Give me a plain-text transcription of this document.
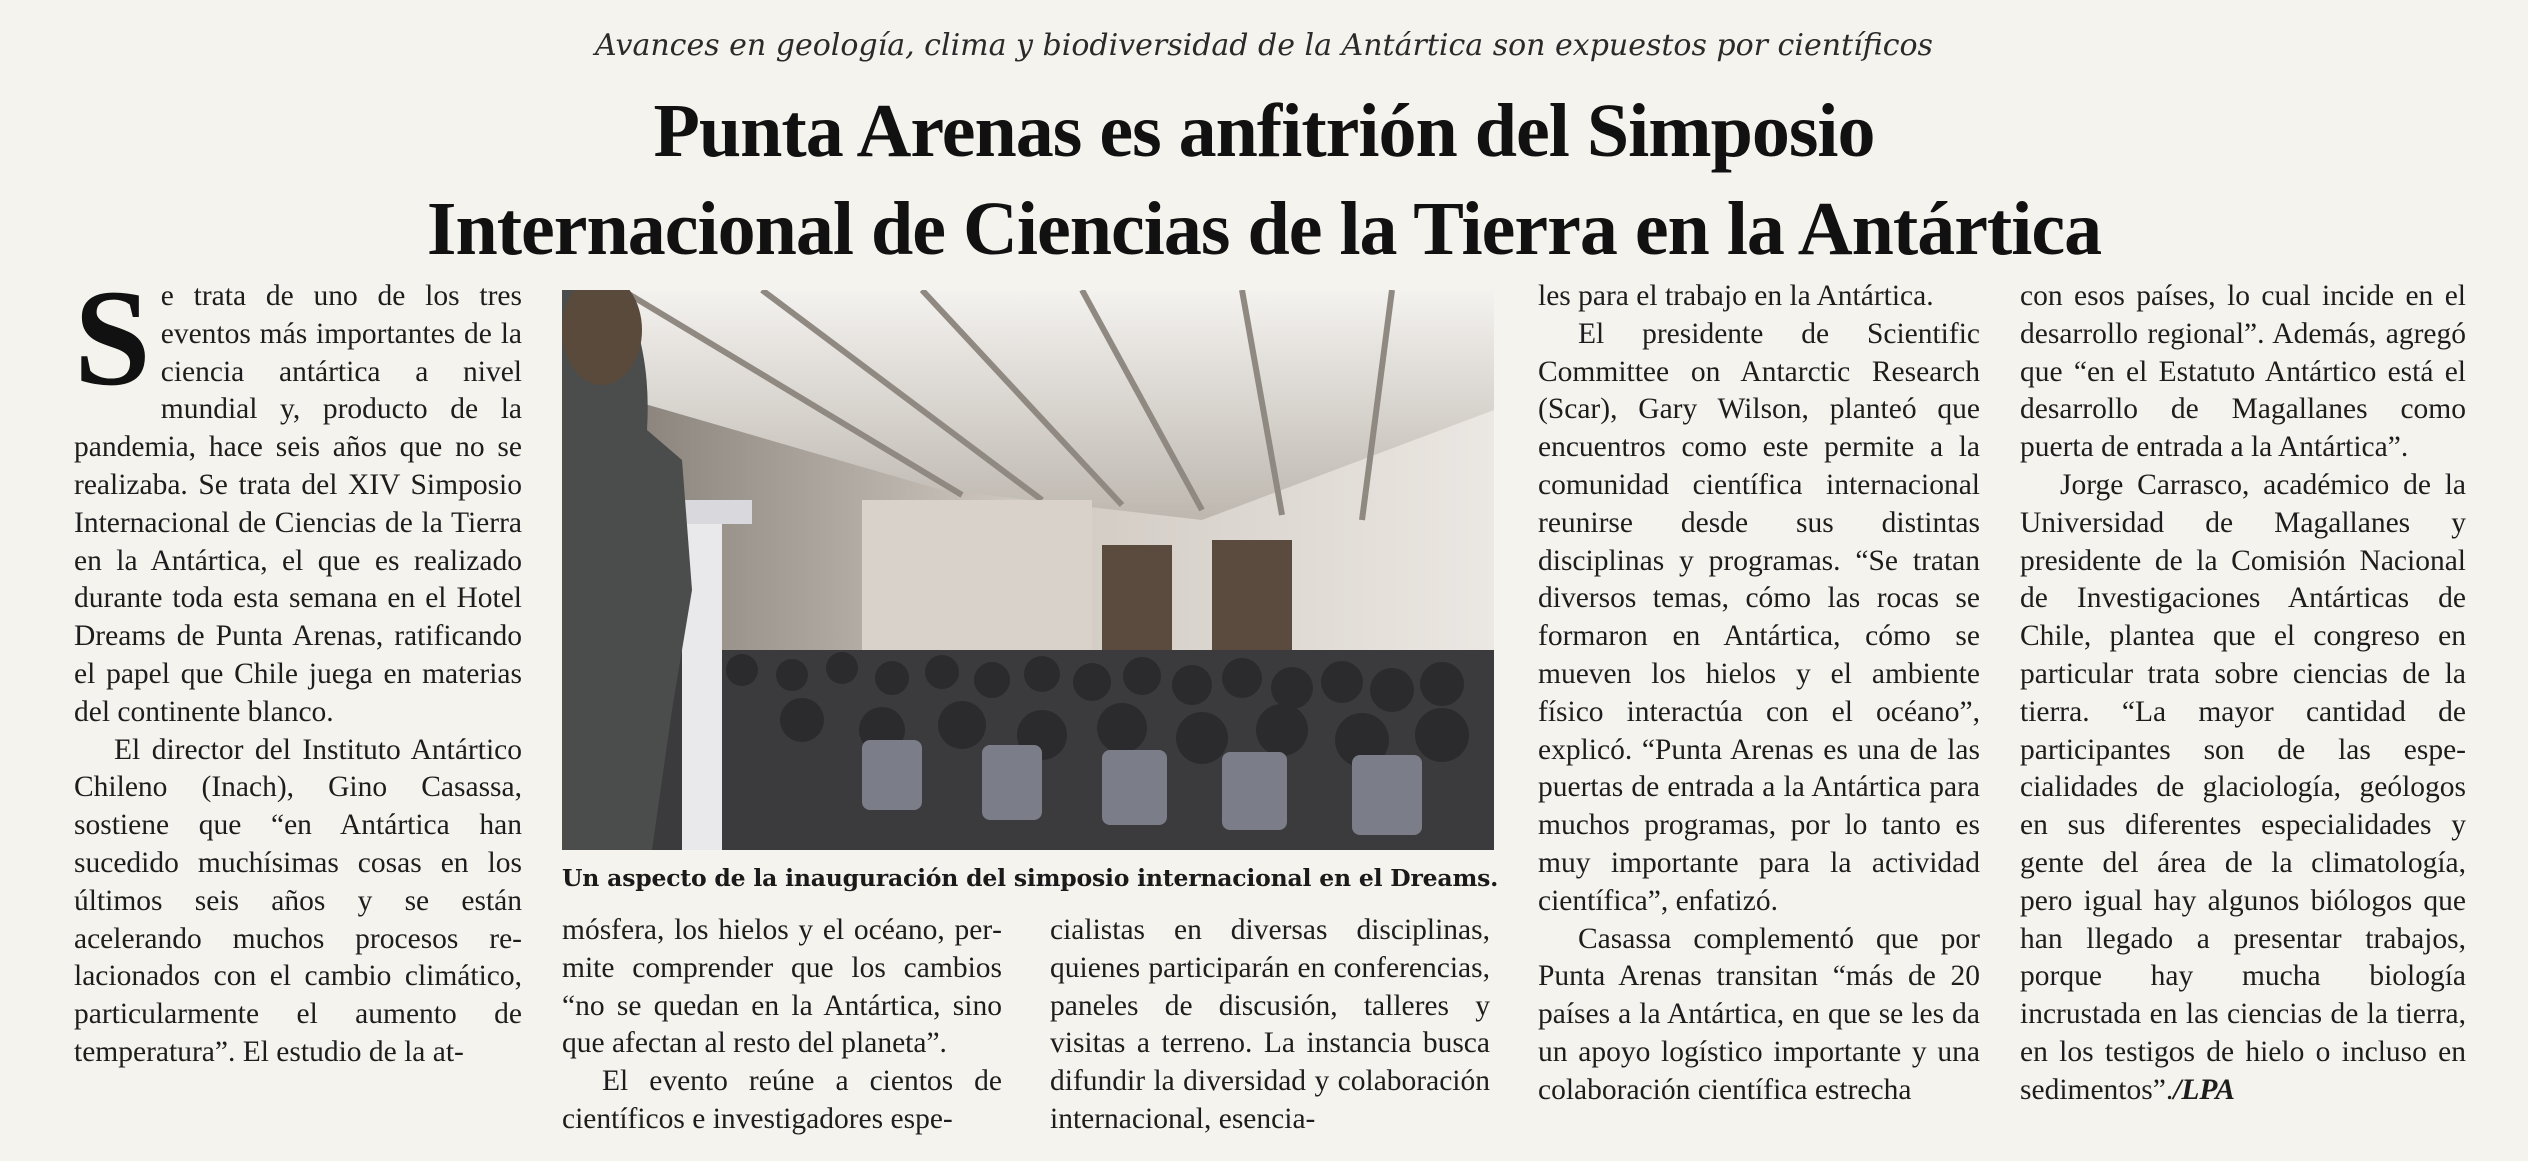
Avances en geología, clima y biodiversidad de la Antártica son expuestos por científicos
Punta Arenas es anfitrión del Simposio
Internacional de Ciencias de la Tierra en la Antártica

Se trata de uno de los tres eventos más importantes de la ciencia antártica a nivel mundial y, producto de la pandemia, hace seis años que no se realizaba. Se trata del XIV Simposio Internacional de Ciencias de la Tierra en la Antártica, el que es realizado durante toda esta semana en el Hotel Dreams de Punta Arenas, ratificando el papel que Chile juega en materias del continente blanco.

El director del Instituto Antártico Chileno (Inach), Gino Casassa, sostiene que “en Antártica han sucedido muchísimas cosas en los últimos seis años y se están acelerando muchos procesos relacionados con el cambio climático, particularmente el aumento de temperatura”. El estudio de la at-

Un aspecto de la inauguración del simposio internacional en el Dreams.

mósfera, los hielos y el océano, permite comprender que los cambios “no se quedan en la Antártica, sino que afectan al resto del planeta”.

El evento reúne a cientos de científicos e investigadores espe-

cialistas en diversas disciplinas, quienes participarán en conferencias, paneles de discusión, talleres y visitas a terreno. La instancia busca difundir la diversidad y colaboración internacional, esencia-

les para el trabajo en la Antártica.

El presidente de Scientific Committee on Antarctic Research (Scar), Gary Wilson, planteó que encuentros como este permite a la comunidad científica internacional reunirse desde sus distintas disciplinas y programas. “Se tratan diversos temas, cómo las rocas se formaron en Antártica, cómo se mueven los hielos y el ambiente físico interactúa con el océano”, explicó. “Punta Arenas es una de las puertas de entrada a la Antártica para muchos programas, por lo tanto es muy importante para la actividad científica”, enfatizó.

Casassa complementó que por Punta Arenas transitan “más de 20 países a la Antártica, en que se les da un apoyo logístico importante y una colaboración científica estrecha

con esos países, lo cual incide en el desarrollo regional”. Además, agregó que “en el Estatuto Antártico está el desarrollo de Magallanes como puerta de entrada a la Antártica”.

Jorge Carrasco, académico de la Universidad de Magallanes y presidente de la Comisión Nacional de Investigaciones Antárticas de Chile, plantea que el congreso en particular trata sobre ciencias de la tierra. “La mayor cantidad de participantes son de las especialidades de glaciología, geólogos en sus diferentes especialidades y gente del área de la climatología, pero igual hay algunos biólogos que han llegado a presentar trabajos, porque hay mucha biología incrustada en las ciencias de la tierra, en los testigos de hielo o incluso en sedimentos”./LPA
